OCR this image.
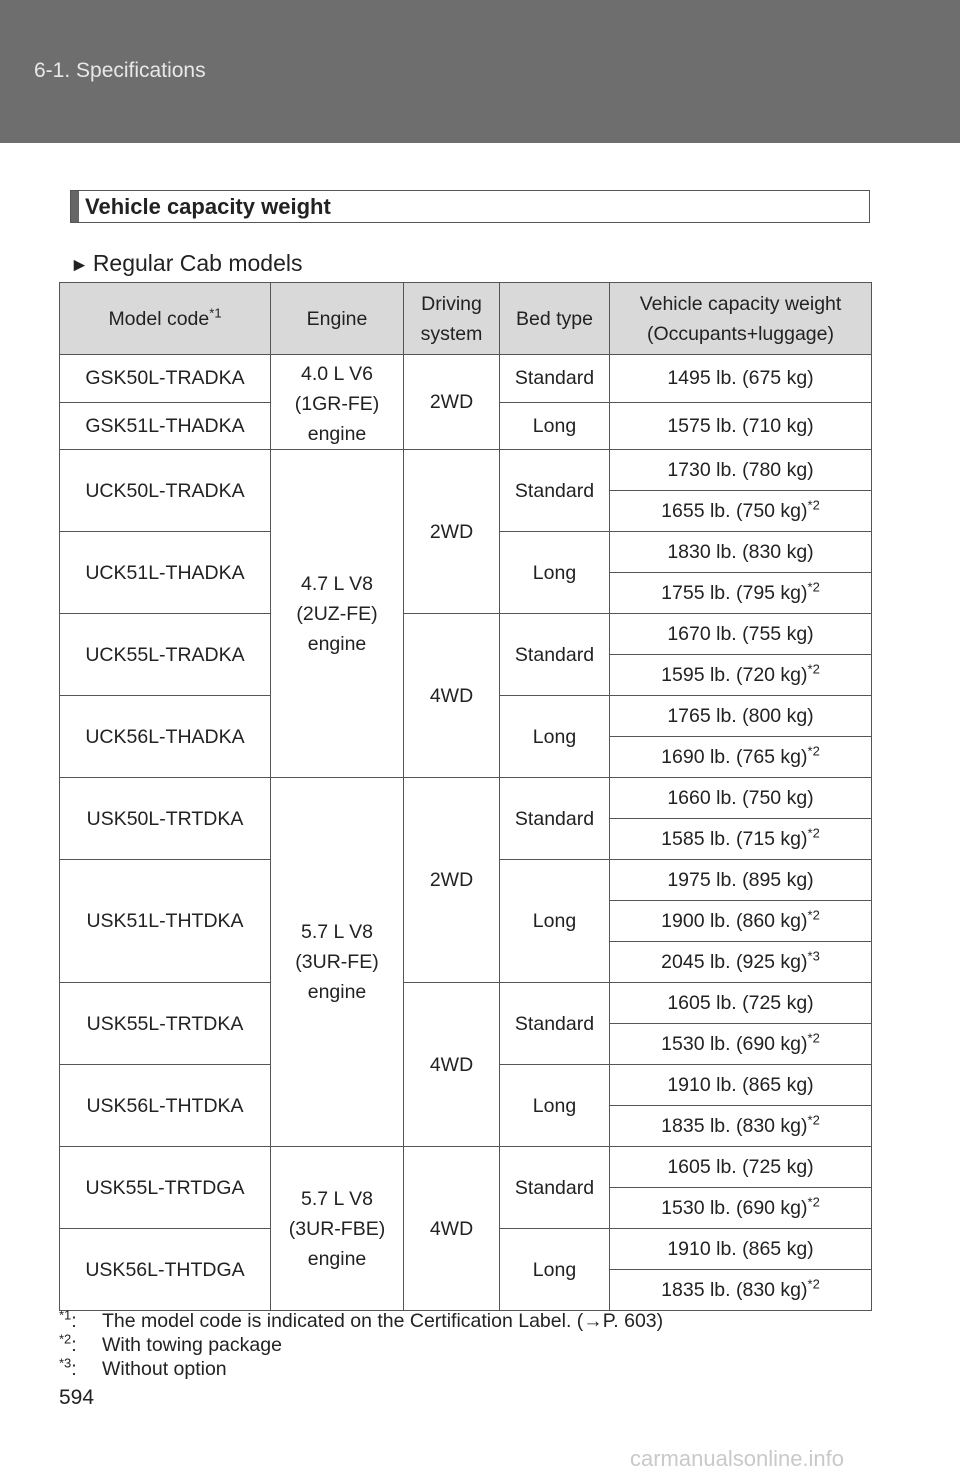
6-1. Specifications
Vehicle capacity weight
► Regular Cab models
Model code$^{*1}$	Engine	Driving
system	Bed type	Vehicle capacity weight
(Occupants+luggage)
GSK50L-TRADKA	4.0 L V6
(1GR-FE)
engine	2WD	Standard	1495 lb. (675 kg)
GSK51L-THADKA			Long	1575 lb. (710 kg)
UCK50L-TRADKA	4.7 L V8
(2UZ-FE)
engine	2WD	Standard	1730 lb. (780 kg)
				1655 lb. (750 kg)$^{*2}$
UCK51L-THADKA			Long	1830 lb. (830 kg)
				1755 lb. (795 kg)$^{*2}$
UCK55L-TRADKA		4WD	Standard	1670 lb. (755 kg)
				1595 lb. (720 kg)$^{*2}$
UCK56L-THADKA			Long	1765 lb. (800 kg)
				1690 lb. (765 kg)$^{*2}$
USK50L-TRTDKA	5.7 L V8
(3UR-FE)
engine	2WD	Standard	1660 lb. (750 kg)
				1585 lb. (715 kg)$^{*2}$
USK51L-THTDKA			Long	1975 lb. (895 kg)
				1900 lb. (860 kg)$^{*2}$
				2045 lb. (925 kg)$^{*3}$
USK55L-TRTDKA		4WD	Standard	1605 lb. (725 kg)
				1530 lb. (690 kg)$^{*2}$
USK56L-THTDKA			Long	1910 lb. (865 kg)
				1835 lb. (830 kg)$^{*2}$
USK55L-TRTDGA	5.7 L V8
(3UR-FBE)
engine	4WD	Standard	1605 lb. (725 kg)
				1530 lb. (690 kg)$^{*2}$
USK56L-THTDGA			Long	1910 lb. (865 kg)
				1835 lb. (830 kg)$^{*2}$
$^{*1}$: The model code is indicated on the Certification Label. (→P. 603)
$^{*2}$: With towing package
$^{*3}$: Without option
594
carmanualsonline.info
